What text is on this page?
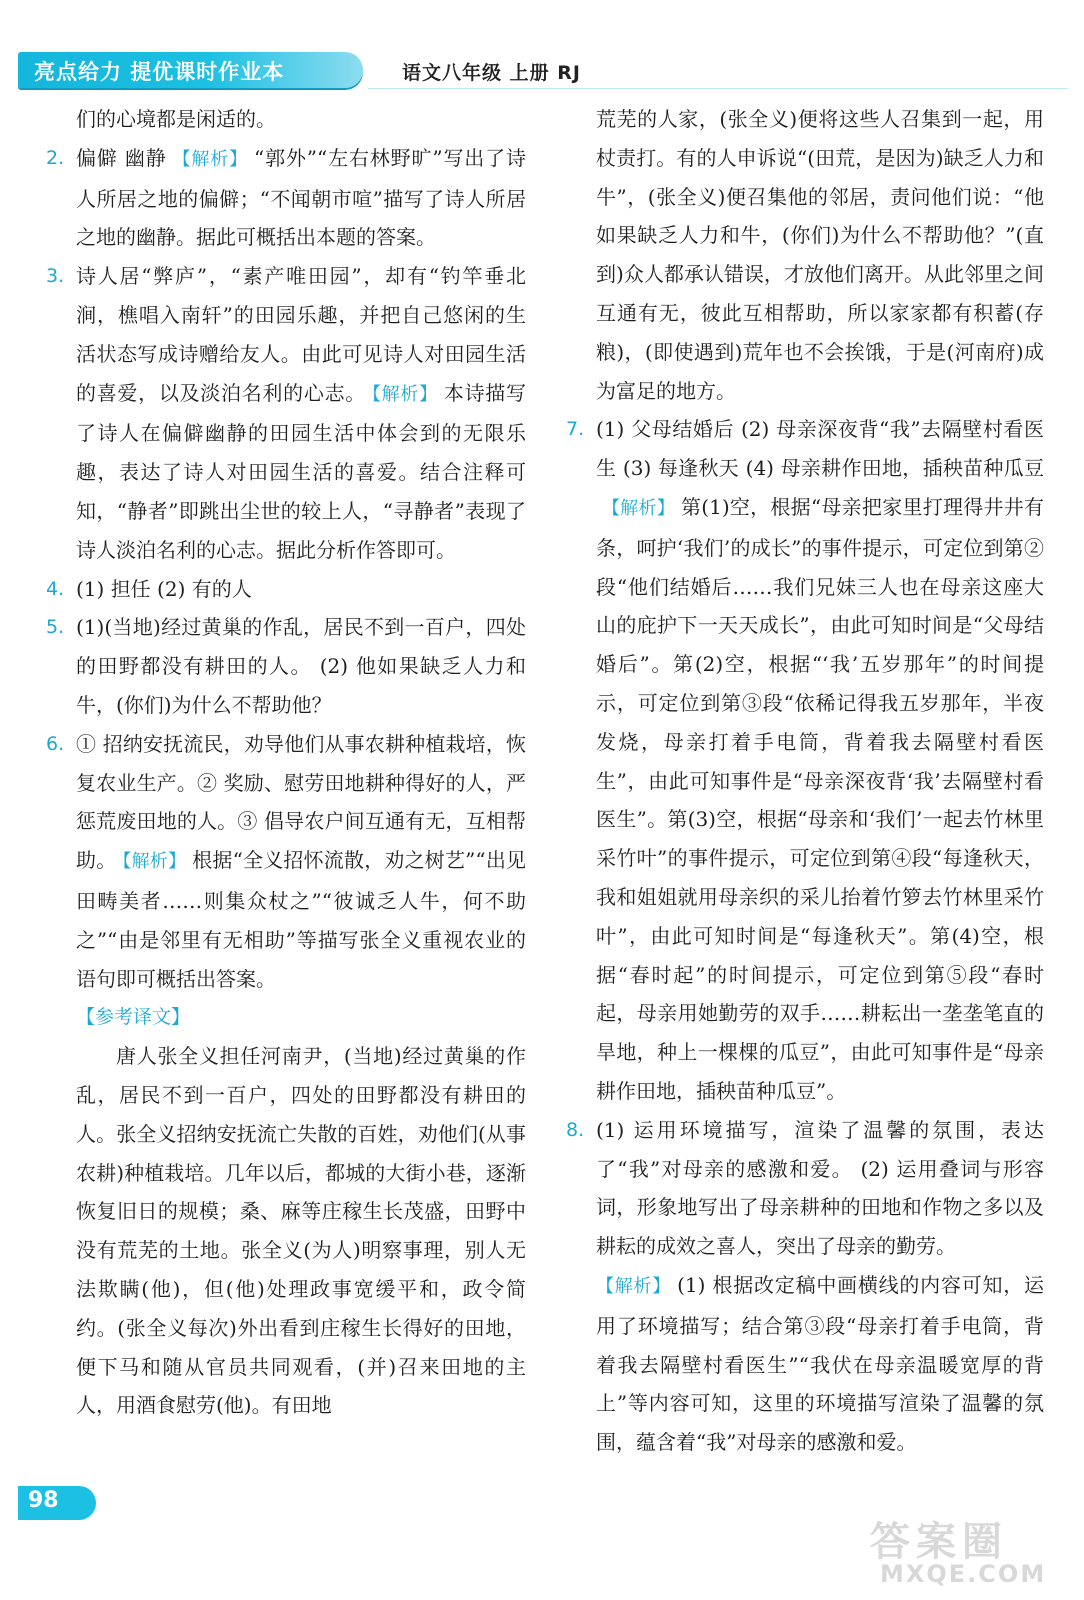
亮点给力 提优课时作业本	语文八年级 上册 RJ

们的心境都是闲适的。

2. 偏僻 幽静 【解析】 “郭外”“左右林野旷”写出了诗人所居之地的偏僻；“不闻朝市喧”描写了诗人所居之地的幽静。据此可概括出本题的答案。

3. 诗人居“弊庐”，“素产唯田园”，却有“钓竿垂北涧，樵唱入南轩”的田园乐趣，并把自己悠闲的生活状态写成诗赠给友人。由此可见诗人对田园生活的喜爱，以及淡泊名利的心志。 【解析】 本诗描写了诗人在偏僻幽静的田园生活中体会到的无限乐趣，表达了诗人对田园生活的喜爱。结合注释可知，“静者”即跳出尘世的较上人，“寻静者”表现了诗人淡泊名利的心志。据此分析作答即可。

4. (1) 担任 (2) 有的人

5. (1)(当地)经过黄巢的作乱，居民不到一百户，四处的田野都没有耕田的人。 (2) 他如果缺乏人力和牛，(你们)为什么不帮助他？

6. ① 招纳安抚流民，劝导他们从事农耕种植栽培，恢复农业生产。② 奖励、慰劳田地耕种得好的人，严惩荒废田地的人。③ 倡导农户间互通有无，互相帮助。 【解析】 根据“全义招怀流散，劝之树艺”“出见田畴美者……则集众杖之”“彼诚乏人牛，何不助之”“由是邻里有无相助”等描写张全义重视农业的语句即可概括出答案。

【参考译文】

唐人张全义担任河南尹，(当地)经过黄巢的作乱，居民不到一百户，四处的田野都没有耕田的人。张全义招纳安抚流亡失散的百姓，劝他们(从事农耕)种植栽培。几年以后，都城的大街小巷，逐渐恢复旧日的规模；桑、麻等庄稼生长茂盛，田野中没有荒芜的土地。张全义(为人)明察事理，别人无法欺瞒(他)，但(他)处理政事宽缓平和，政令简约。(张全义每次)外出看到庄稼生长得好的田地，便下马和随从官员共同观看，(并)召来田地的主人，用酒食慰劳(他)。有田地

荒芜的人家，(张全义)便将这些人召集到一起，用杖责打。有的人申诉说“(田荒，是因为)缺乏人力和牛”，(张全义)便召集他的邻居，责问他们说：“他如果缺乏人力和牛，(你们)为什么不帮助他？”(直到)众人都承认错误，才放他们离开。从此邻里之间互通有无，彼此互相帮助，所以家家都有积蓄(存粮)，(即使遇到)荒年也不会挨饿，于是(河南府)成为富足的地方。

7. (1) 父母结婚后 (2) 母亲深夜背“我”去隔壁村看医生 (3) 每逢秋天 (4) 母亲耕作田地，插秧苗种瓜豆【解析】 第(1)空，根据“母亲把家里打理得井井有条，呵护‘我们’的成长”的事件提示，可定位到第②段“他们结婚后……我们兄妹三人也在母亲这座大山的庇护下一天天成长”，由此可知时间是“父母结婚后”。第(2)空，根据“‘我’五岁那年”的时间提示，可定位到第③段“依稀记得我五岁那年，半夜发烧，母亲打着手电筒，背着我去隔壁村看医生”，由此可知事件是“母亲深夜背‘我’去隔壁村看医生”。第(3)空，根据“母亲和‘我们’一起去竹林里采竹叶”的事件提示，可定位到第④段“每逢秋天，我和姐姐就用母亲织的采儿抬着竹箩去竹林里采竹叶”，由此可知时间是“每逢秋天”。第(4)空，根据“春时起”的时间提示，可定位到第⑤段“春时起，母亲用她勤劳的双手……耕耘出一垄垄笔直的旱地，种上一棵棵的瓜豆”，由此可知事件是“母亲耕作田地，插秧苗种瓜豆”。

8. (1) 运用环境描写，渲染了温馨的氛围，表达了“我”对母亲的感激和爱。 (2) 运用叠词与形容词，形象地写出了母亲耕种的田地和作物之多以及耕耘的成效之喜人，突出了母亲的勤劳。

【解析】 (1) 根据改定稿中画横线的内容可知，运用了环境描写；结合第③段“母亲打着手电筒，背着我去隔壁村看医生”“我伏在母亲温暖宽厚的背上”等内容可知，这里的环境描写渲染了温馨的氛围，蕴含着“我”对母亲的感激和爱。

98
答案圈
MXQE.COM
